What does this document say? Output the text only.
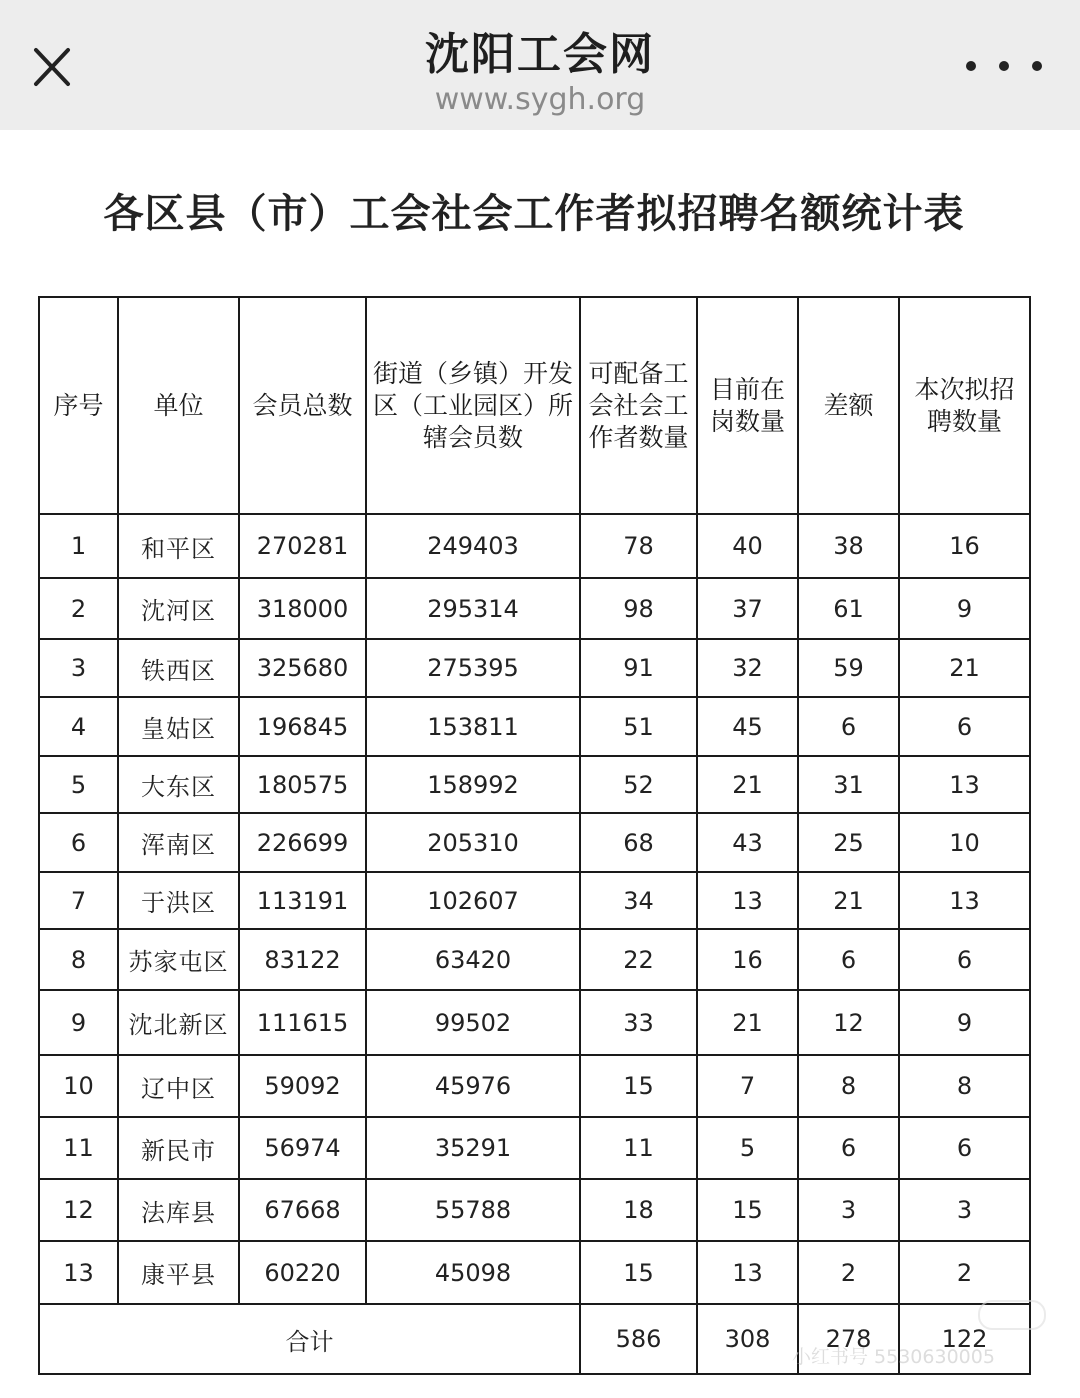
沈阳工会网
www.sygh.org
各区县（市）工会社会工作者拟招聘名额统计表
序号	单位	会员总数	街道（乡镇）开发区（工业园区）所辖会员数	可配备工会社会工作者数量	目前在岗数量	差额	本次拟招聘数量
1	和平区	270281	249403	78	40	38	16
2	沈河区	318000	295314	98	37	61	9
3	铁西区	325680	275395	91	32	59	21
4	皇姑区	196845	153811	51	45	6	6
5	大东区	180575	158992	52	21	31	13
6	浑南区	226699	205310	68	43	25	10
7	于洪区	113191	102607	34	13	21	13
8	苏家屯区	83122	63420	22	16	6	6
9	沈北新区	111615	99502	33	21	12	9
10	辽中区	59092	45976	15	7	8	8
11	新民市	56974	35291	11	5	6	6
12	法库县	67668	55788	18	15	3	3
13	康平县	60220	45098	15	13	2	2
合计				586	308	278	122
小红书号 5530630005
